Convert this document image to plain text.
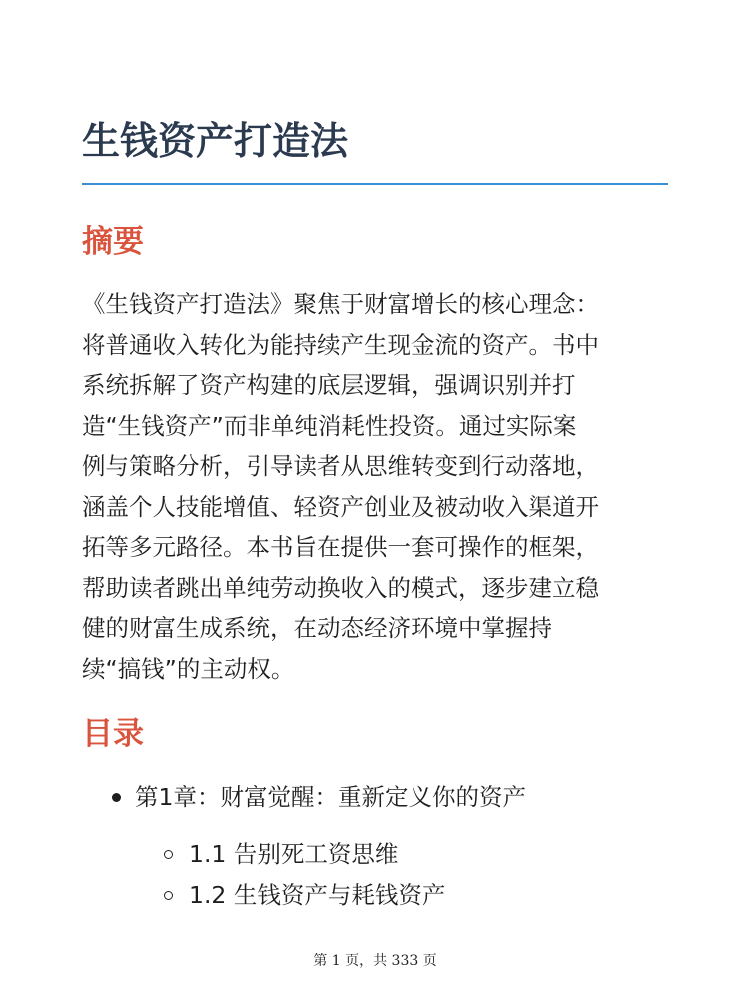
生钱资产打造法
摘要

《生钱资产打造法》聚焦于财富增长的核心理念：
将普通收入转化为能持续产生现金流的资产。书中
系统拆解了资产构建的底层逻辑，强调识别并打
造“生钱资产”而非单纯消耗性投资。通过实际案
例与策略分析，引导读者从思维转变到行动落地，
涵盖个人技能增值、轻资产创业及被动收入渠道开
拓等多元路径。本书旨在提供一套可操作的框架，
帮助读者跳出单纯劳动换收入的模式，逐步建立稳
健的财富生成系统，在动态经济环境中掌握持
续“搞钱”的主动权。

目录
第1章：财富觉醒：重新定义你的资产
1.1 告别死工资思维
1.2 生钱资产与耗钱资产
第 1 页，共 333 页
